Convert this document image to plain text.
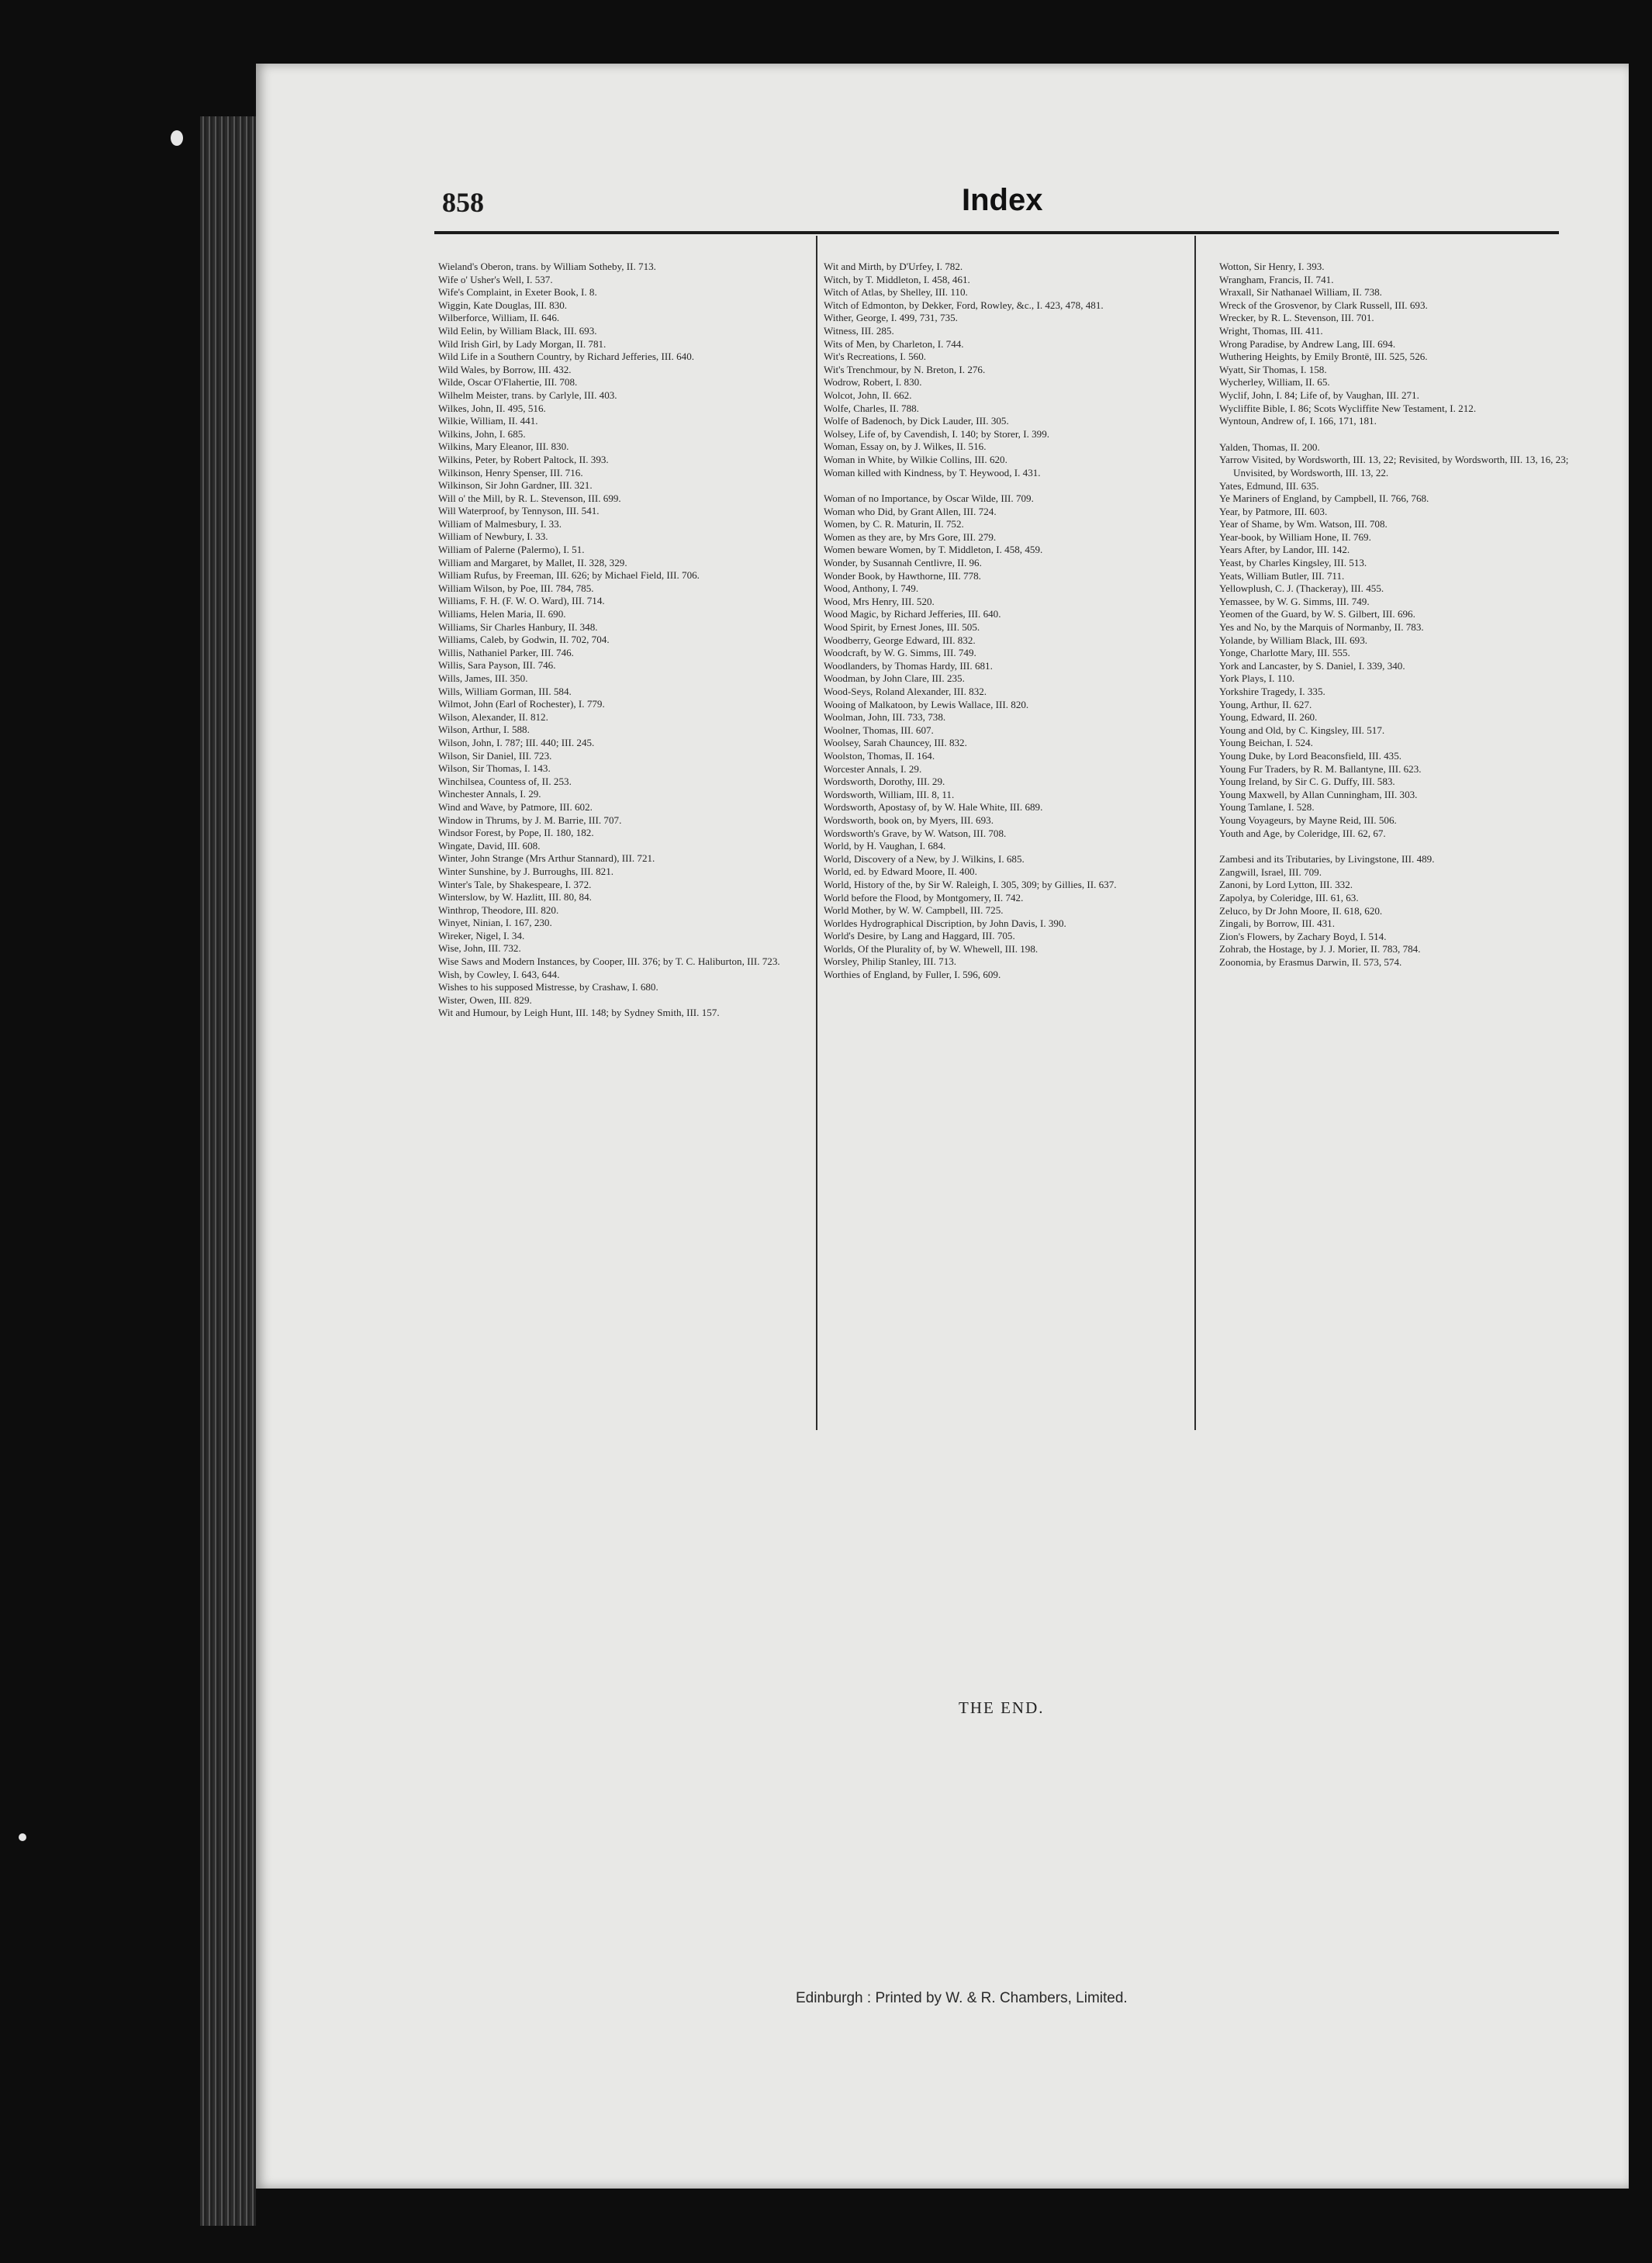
858	Index
Wieland's Oberon, trans. by William Sotheby, II. 713.
Wife o' Usher's Well, I. 537.
Wife's Complaint, in Exeter Book, I. 8.
Wiggin, Kate Douglas, III. 830.
Wilberforce, William, II. 646.
Wild Eelin, by William Black, III. 693.
Wild Irish Girl, by Lady Morgan, II. 781.
Wild Life in a Southern Country, by Richard Jefferies, III. 640.
Wild Wales, by Borrow, III. 432.
Wilde, Oscar O'Flahertie, III. 708.
Wilhelm Meister, trans. by Carlyle, III. 403.
Wilkes, John, II. 495, 516.
Wilkie, William, II. 441.
Wilkins, John, I. 685.
Wilkins, Mary Eleanor, III. 830.
Wilkins, Peter, by Robert Paltock, II. 393.
Wilkinson, Henry Spenser, III. 716.
Wilkinson, Sir John Gardner, III. 321.
Will o' the Mill, by R. L. Stevenson, III. 699.
Will Waterproof, by Tennyson, III. 541.
William of Malmesbury, I. 33.
William of Newbury, I. 33.
William of Palerne (Palermo), I. 51.
William and Margaret, by Mallet, II. 328, 329.
William Rufus, by Freeman, III. 626; by Michael Field, III. 706.
William Wilson, by Poe, III. 784, 785.
Williams, F. H. (F. W. O. Ward), III. 714.
Williams, Helen Maria, II. 690.
Williams, Sir Charles Hanbury, II. 348.
Williams, Caleb, by Godwin, II. 702, 704.
Willis, Nathaniel Parker, III. 746.
Willis, Sara Payson, III. 746.
Wills, James, III. 350.
Wills, William Gorman, III. 584.
Wilmot, John (Earl of Rochester), I. 779.
Wilson, Alexander, II. 812.
Wilson, Arthur, I. 588.
Wilson, John, I. 787; III. 440; III. 245.
Wilson, Sir Daniel, III. 723.
Wilson, Sir Thomas, I. 143.
Winchilsea, Countess of, II. 253.
Winchester Annals, I. 29.
Wind and Wave, by Patmore, III. 602.
Window in Thrums, by J. M. Barrie, III. 707.
Windsor Forest, by Pope, II. 180, 182.
Wingate, David, III. 608.
Winter, John Strange (Mrs Arthur Stannard), III. 721.
Winter Sunshine, by J. Burroughs, III. 821.
Winter's Tale, by Shakespeare, I. 372.
Winterslow, by W. Hazlitt, III. 80, 84.
Winthrop, Theodore, III. 820.
Winyet, Ninian, I. 167, 230.
Wireker, Nigel, I. 34.
Wise, John, III. 732.
Wise Saws and Modern Instances, by Cooper, III. 376; by T. C. Haliburton, III. 723.
Wish, by Cowley, I. 643, 644.
Wishes to his supposed Mistresse, by Crashaw, I. 680.
Wister, Owen, III. 829.
Wit and Humour, by Leigh Hunt, III. 148; by Sydney Smith, III. 157.
Wit and Mirth, by D'Urfey, I. 782.
Witch, by T. Middleton, I. 458, 461.
Witch of Atlas, by Shelley, III. 110.
Witch of Edmonton, by Dekker, Ford, Rowley, &c., I. 423, 478, 481.
Wither, George, I. 499, 731, 735.
Witness, III. 285.
Wits of Men, by Charleton, I. 744.
Wit's Recreations, I. 560.
Wit's Trenchmour, by N. Breton, I. 276.
Wodrow, Robert, I. 830.
Wolcot, John, II. 662.
Wolfe, Charles, II. 788.
Wolfe of Badenoch, by Dick Lauder, III. 305.
Wolsey, Life of, by Cavendish, I. 140; by Storer, I. 399.
Woman, Essay on, by J. Wilkes, II. 516.
Woman in White, by Wilkie Collins, III. 620.
Woman killed with Kindness, by T. Heywood, I. 431.
Woman of no Importance, by Oscar Wilde, III. 709.
Woman who Did, by Grant Allen, III. 724.
Women, by C. R. Maturin, II. 752.
Women as they are, by Mrs Gore, III. 279.
Women beware Women, by T. Middleton, I. 458, 459.
Wonder, by Susannah Centlivre, II. 96.
Wonder Book, by Hawthorne, III. 778.
Wood, Anthony, I. 749.
Wood, Mrs Henry, III. 520.
Wood Magic, by Richard Jefferies, III. 640.
Wood Spirit, by Ernest Jones, III. 505.
Woodberry, George Edward, III. 832.
Woodcraft, by W. G. Simms, III. 749.
Woodlanders, by Thomas Hardy, III. 681.
Woodman, by John Clare, III. 235.
Wood-Seys, Roland Alexander, III. 832.
Wooing of Malkatoon, by Lewis Wallace, III. 820.
Woolman, John, III. 733, 738.
Woolner, Thomas, III. 607.
Woolsey, Sarah Chauncey, III. 832.
Woolston, Thomas, II. 164.
Worcester Annals, I. 29.
Wordsworth, Dorothy, III. 29.
Wordsworth, William, III. 8, 11.
Wordsworth, Apostasy of, by W. Hale White, III. 689.
Wordsworth, book on, by Myers, III. 693.
Wordsworth's Grave, by W. Watson, III. 708.
World, by H. Vaughan, I. 684.
World, Discovery of a New, by J. Wilkins, I. 685.
World, ed. by Edward Moore, II. 400.
World, History of the, by Sir W. Raleigh, I. 305, 309; by Gillies, II. 637.
World before the Flood, by Montgomery, II. 742.
World Mother, by W. W. Campbell, III. 725.
Worldes Hydrographical Discription, by John Davis, I. 390.
World's Desire, by Lang and Haggard, III. 705.
Worlds, Of the Plurality of, by W. Whewell, III. 198.
Worsley, Philip Stanley, III. 713.
Worthies of England, by Fuller, I. 596, 609.
Wotton, Sir Henry, I. 393.
Wrangham, Francis, II. 741.
Wraxall, Sir Nathanael William, II. 738.
Wreck of the Grosvenor, by Clark Russell, III. 693.
Wrecker, by R. L. Stevenson, III. 701.
Wright, Thomas, III. 411.
Wrong Paradise, by Andrew Lang, III. 694.
Wuthering Heights, by Emily Brontë, III. 525, 526.
Wyatt, Sir Thomas, I. 158.
Wycherley, William, II. 65.
Wyclif, John, I. 84; Life of, by Vaughan, III. 271.
Wycliffite Bible, I. 86; Scots Wycliffite New Testament, I. 212.
Wyntoun, Andrew of, I. 166, 171, 181.
Yalden, Thomas, II. 200.
Yarrow Visited, by Wordsworth, III. 13, 22; Revisited, by Wordsworth, III. 13, 16, 23; Unvisited, by Wordsworth, III. 13, 22.
Yates, Edmund, III. 635.
Ye Mariners of England, by Campbell, II. 766, 768.
Year, by Patmore, III. 603.
Year of Shame, by Wm. Watson, III. 708.
Year-book, by William Hone, II. 769.
Years After, by Landor, III. 142.
Yeast, by Charles Kingsley, III. 513.
Yeats, William Butler, III. 711.
Yellowplush, C. J. (Thackeray), III. 455.
Yemassee, by W. G. Simms, III. 749.
Yeomen of the Guard, by W. S. Gilbert, III. 696.
Yes and No, by the Marquis of Normanby, II. 783.
Yolande, by William Black, III. 693.
Yonge, Charlotte Mary, III. 555.
York and Lancaster, by S. Daniel, I. 339, 340.
York Plays, I. 110.
Yorkshire Tragedy, I. 335.
Young, Arthur, II. 627.
Young, Edward, II. 260.
Young and Old, by C. Kingsley, III. 517.
Young Beichan, I. 524.
Young Duke, by Lord Beaconsfield, III. 435.
Young Fur Traders, by R. M. Ballantyne, III. 623.
Young Ireland, by Sir C. G. Duffy, III. 583.
Young Maxwell, by Allan Cunningham, III. 303.
Young Tamlane, I. 528.
Young Voyageurs, by Mayne Reid, III. 506.
Youth and Age, by Coleridge, III. 62, 67.
Zambesi and its Tributaries, by Livingstone, III. 489.
Zangwill, Israel, III. 709.
Zanoni, by Lord Lytton, III. 332.
Zapolya, by Coleridge, III. 61, 63.
Zeluco, by Dr John Moore, II. 618, 620.
Zingali, by Borrow, III. 431.
Zion's Flowers, by Zachary Boyd, I. 514.
Zohrab, the Hostage, by J. J. Morier, II. 783, 784.
Zoonomia, by Erasmus Darwin, II. 573, 574.
THE END.
Edinburgh : Printed by W. & R. Chambers, Limited.
